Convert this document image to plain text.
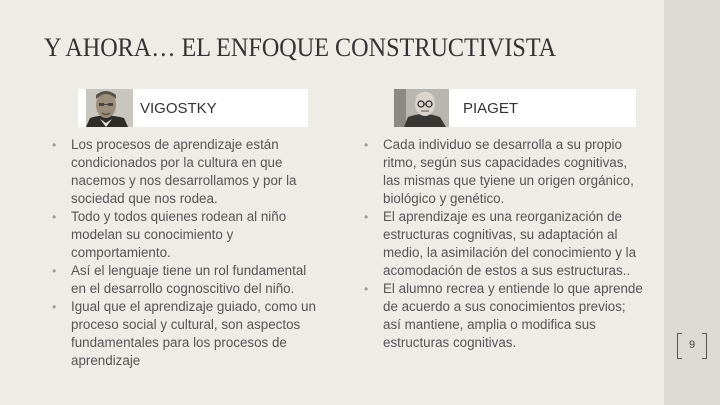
Y AHORA… EL ENFOQUE CONSTRUCTIVISTA
VIGOSTKY	PIAGET
• Los procesos de aprendizaje están condicionados por la cultura en que nacemos y nos desarrollamos y por la sociedad que nos rodea.
• Todo y todos quienes rodean al niño modelan su conocimiento y comportamiento.
• Así el lenguaje tiene un rol fundamental en el desarrollo cognoscitivo del niño.
• Igual que el aprendizaje guiado, como un proceso social y cultural, son aspectos fundamentales para los procesos de aprendizaje
• Cada individuo se desarrolla a su propio ritmo, según sus capacidades cognitivas, las mismas que tyiene un origen orgánico, biológico y genético.
• El aprendizaje es una reorganización de estructuras cognitivas, su adaptación al medio, la asimilación del conocimiento y la acomodación de estos a sus estructuras..
• El alumno recrea y entiende lo que aprende de acuerdo a sus conocimientos previos; así mantiene, amplia o modifica sus estructuras cognitivas.	9
